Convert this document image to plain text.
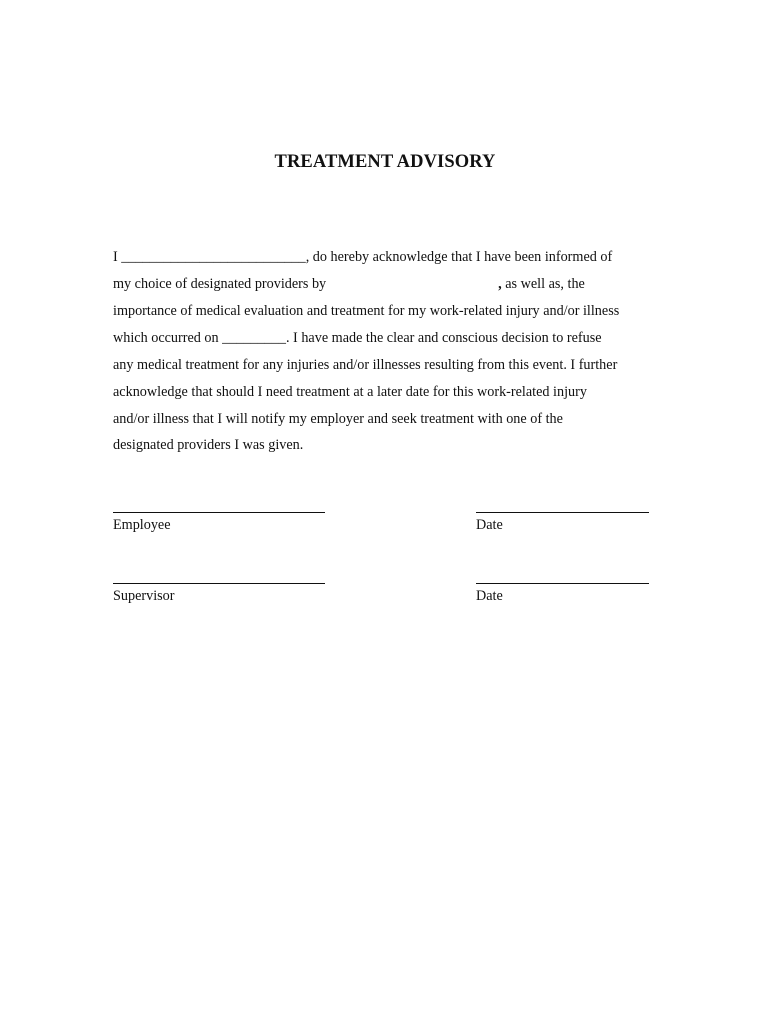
TREATMENT ADVISORY
I __________________________, do hereby acknowledge that I have been informed of
my choice of designated providers by	, as well as, the
importance of medical evaluation and treatment for my work-related injury and/or illness
which occurred on _________. I have made the clear and conscious decision to refuse
any medical treatment for any injuries and/or illnesses resulting from this event. I further
acknowledge that should I need treatment at a later date for this work-related injury
and/or illness that I will notify my employer and seek treatment with one of the
designated providers I was given.
Employee	Date
Supervisor	Date
